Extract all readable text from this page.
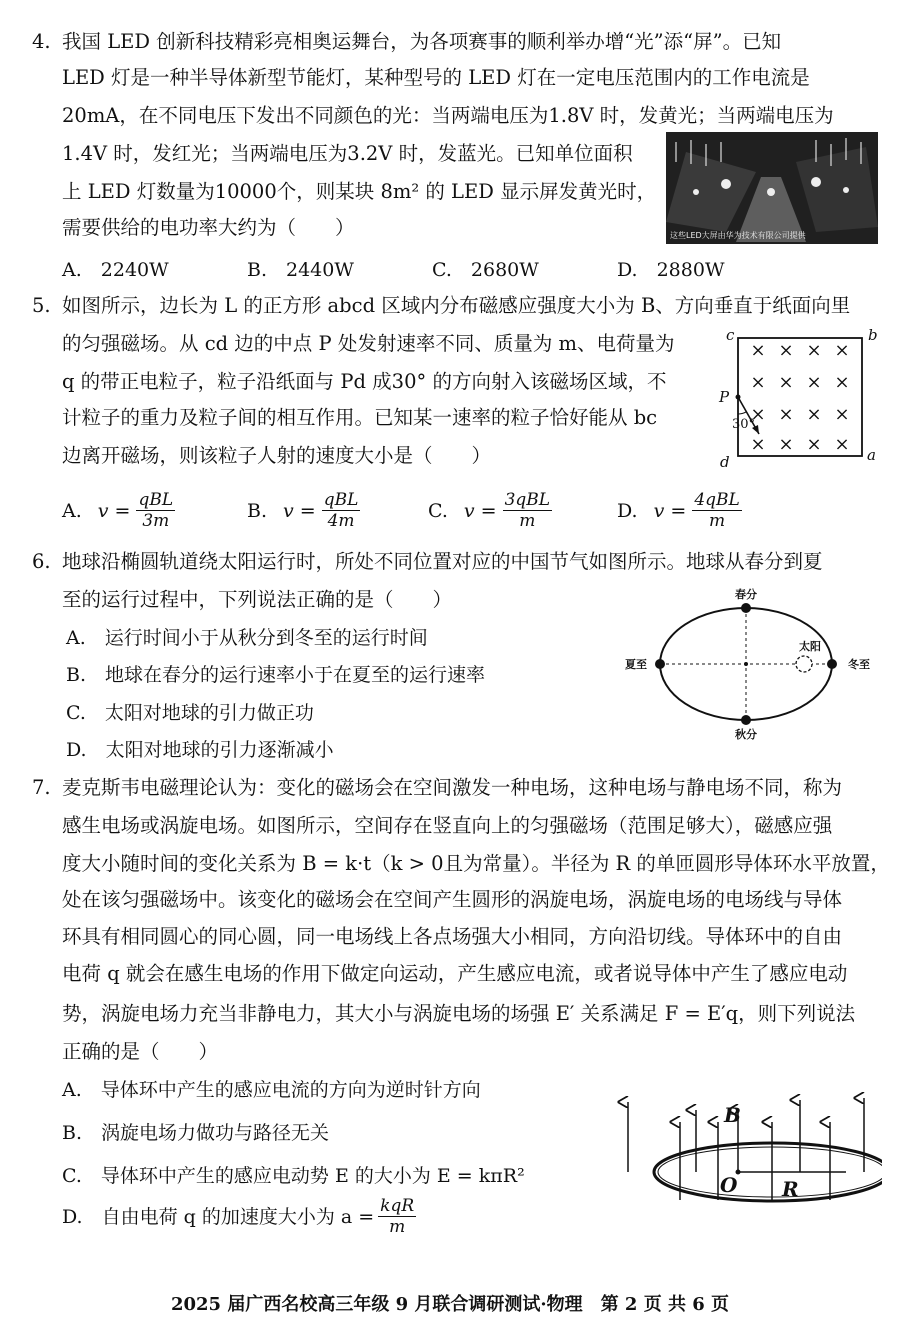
4. 我国 LED 创新科技精彩亮相奥运舞台，为各项赛事的顺利举办增“光”添“屏”。已知
LED 灯是一种半导体新型节能灯，某种型号的 LED 灯在一定电压范围内的工作电流是
20mA，在不同电压下发出不同颜色的光：当两端电压为1.8V 时，发黄光；当两端电压为
1.4V 时，发红光；当两端电压为3.2V 时，发蓝光。已知单位面积
上 LED 灯数量为10000个，则某块 8m² 的 LED 显示屏发黄光时，
需要供给的电功率大约为（　　）	这些LED大屏由华为技术有限公司提供
A.　2240W	B.　2440W	C.　2680W	D.　2880W
5. 如图所示，边长为 L 的正方形 abcd 区域内分布磁感应强度大小为 B、方向垂直于纸面向里
的匀强磁场。从 cd 边的中点 P 处发射速率不同、质量为 m、电荷量为
q 的带正电粒子，粒子沿纸面与 Pd 成30° 的方向射入该磁场区域，不
计粒子的重力及粒子间的相互作用。已知某一速率的粒子恰好能从 bc
边离开磁场，则该粒子人射的速度大小是（　　）
× × × ×
× × × ×
× × × ×
× × × ×
c	b
d	a
P
30°
A. v = qBL
3m	B. v = qBL
4m	C. v = 3qBL
m	D. v = 4qBL
m
6. 地球沿椭圆轨道绕太阳运行时，所处不同位置对应的中国节气如图所示。地球从春分到夏
至的运行过程中，下列说法正确的是（　　）
A.　运行时间小于从秋分到冬至的运行时间
B.　地球在春分的运行速率小于在夏至的运行速率
C.　太阳对地球的引力做正功
D.　太阳对地球的引力逐渐减小
春分
秋分
夏至	冬至
太阳
7. 麦克斯韦电磁理论认为：变化的磁场会在空间激发一种电场，这种电场与静电场不同，称为
感生电场或涡旋电场。如图所示，空间存在竖直向上的匀强磁场（范围足够大），磁感应强
度大小随时间的变化关系为 B = k·t（k > 0且为常量）。半径为 R 的单匝圆形导体环水平放置，
处在该匀强磁场中。该变化的磁场会在空间产生圆形的涡旋电场，涡旋电场的电场线与导体
环具有相同圆心的同心圆，同一电场线上各点场强大小相同，方向沿切线。导体环中的自由
电荷 q 就会在感生电场的作用下做定向运动，产生感应电流，或者说导体中产生了感应电动
势，涡旋电场力充当非静电力，其大小与涡旋电场的场强 E′ 关系满足 F = E′q，则下列说法
正确的是（　　）
A.　导体环中产生的感应电流的方向为逆时针方向
B.　涡旋电场力做功与路径无关
C.　导体环中产生的感应电动势 E 的大小为 E = kπR²
D.　自由电荷 q 的加速度大小为 a = kqR
m
B
O R
2025 届广西名校高三年级 9 月联合调研测试·物理　第 2 页 共 6 页
